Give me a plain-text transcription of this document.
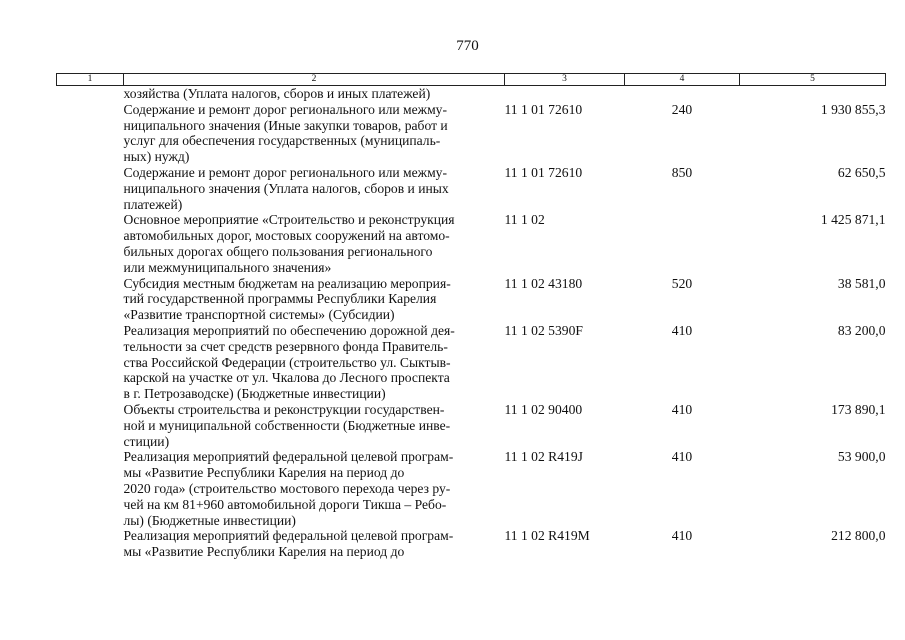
770
1	2	3	4	5

	хозяйства (Уплата налогов, сборов и иных платежей)			

	Содержание и ремонт дорог регионального или межму-
ниципального значения (Иные закупки товаров, работ и
услуг для обеспечения государственных (муниципаль-
ных) нужд)	11 1 01 72610	240	1 930 855,3

	Содержание и ремонт дорог регионального или межму-
ниципального значения (Уплата налогов, сборов и иных
платежей)	11 1 01 72610	850	62 650,5

	Основное мероприятие «Строительство и реконструкция
автомобильных дорог, мостовых сооружений на автомо-
бильных дорогах общего пользования регионального
или межмуниципального значения»	11 1 02		1 425 871,1

	Субсидия местным бюджетам на реализацию мероприя-
тий государственной программы Республики Карелия
«Развитие транспортной системы» (Субсидии)	11 1 02 43180	520	38 581,0

	Реализация мероприятий по обеспечению дорожной дея-
тельности за счет средств резервного фонда Правитель-
ства Российской Федерации (строительство ул. Сыктыв-
карской на участке от ул. Чкалова до Лесного проспекта
в г. Петрозаводске) (Бюджетные инвестиции)	11 1 02 5390F	410	83 200,0

	Объекты строительства и реконструкции государствен-
ной и муниципальной собственности (Бюджетные инве-
стиции)	11 1 02 90400	410	173 890,1

	Реализация мероприятий федеральной целевой програм-
мы «Развитие Республики Карелия на период до
2020 года» (строительство мостового перехода через ру-
чей на км 81+960 автомобильной дороги Тикша – Ребо-
лы) (Бюджетные инвестиции)	11 1 02 R419J	410	53 900,0

	Реализация мероприятий федеральной целевой програм-
мы «Развитие Республики Карелия на период до	11 1 02 R419M	410	212 800,0
